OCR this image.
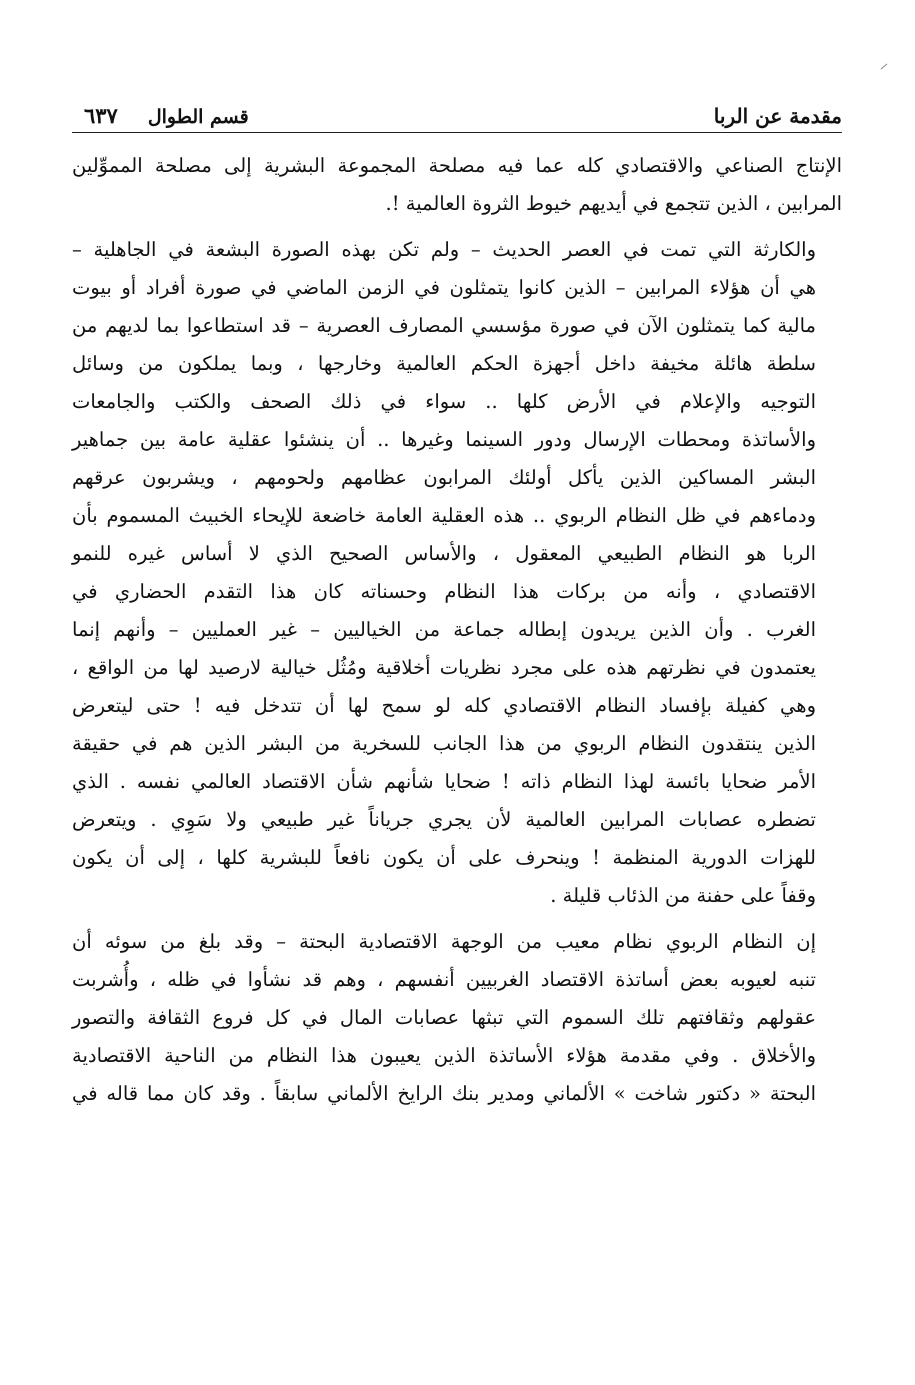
مقدمة عن الربا
قسم الطوال
٦٣٧

الإنتاج الصناعي والاقتصادي كله عما فيه مصلحة المجموعة البشرية إلى مصلحة المموِّلين
المرابين ، الذين تتجمع في أيديهم خيوط الثروة العالمية !.

والكارثة التي تمت في العصر الحديث – ولم تكن بهذه الصورة البشعة في الجاهلية –
هي أن هؤلاء المرابين – الذين كانوا يتمثلون في الزمن الماضي في صورة أفراد أو بيوت
مالية كما يتمثلون الآن في صورة مؤسسي المصارف العصرية – قد استطاعوا بما لديهم من
سلطة هائلة مخيفة داخل أجهزة الحكم العالمية وخارجها ، وبما يملكون من وسائل
التوجيه والإعلام في الأرض كلها .. سواء في ذلك الصحف والكتب والجامعات
والأساتذة ومحطات الإرسال ودور السينما وغيرها .. أن ينشئوا عقلية عامة بين جماهير
البشر المساكين الذين يأكل أولئك المرابون عظامهم ولحومهم ، ويشربون عرقهم
ودماءهم في ظل النظام الربوي .. هذه العقلية العامة خاضعة للإيحاء الخبيث المسموم بأن
الربا هو النظام الطبيعي المعقول ، والأساس الصحيح الذي لا أساس غيره للنمو
الاقتصادي ، وأنه من بركات هذا النظام وحسناته كان هذا التقدم الحضاري في
الغرب . وأن الذين يريدون إبطاله جماعة من الخياليين – غير العمليين – وأنهم إنما
يعتمدون في نظرتهم هذه على مجرد نظريات أخلاقية ومُثُل خيالية لارصيد لها من الواقع ،
وهي كفيلة بإفساد النظام الاقتصادي كله لو سمح لها أن تتدخل فيه ! حتى ليتعرض
الذين ينتقدون النظام الربوي من هذا الجانب للسخرية من البشر الذين هم في حقيقة
الأمر ضحايا بائسة لهذا النظام ذاته ! ضحايا شأنهم شأن الاقتصاد العالمي نفسه . الذي
تضطره عصابات المرابين العالمية لأن يجري جرياناً غير طبيعي ولا سَوِي . ويتعرض
للهزات الدورية المنظمة ! وينحرف على أن يكون نافعاً للبشرية كلها ، إلى أن يكون
وقفاً على حفنة من الذئاب قليلة .

إن النظام الربوي نظام معيب من الوجهة الاقتصادية البحتة – وقد بلغ من سوئه أن
تنبه لعيوبه بعض أساتذة الاقتصاد الغربيين أنفسهم ، وهم قد نشأوا في ظله ، وأُشربت
عقولهم وثقافتهم تلك السموم التي تبثها عصابات المال في كل فروع الثقافة والتصور
والأخلاق . وفي مقدمة هؤلاء الأساتذة الذين يعيبون هذا النظام من الناحية الاقتصادية
البحتة « دكتور شاخت » الألماني ومدير بنك الرايخ الألماني سابقاً . وقد كان مما قاله في
